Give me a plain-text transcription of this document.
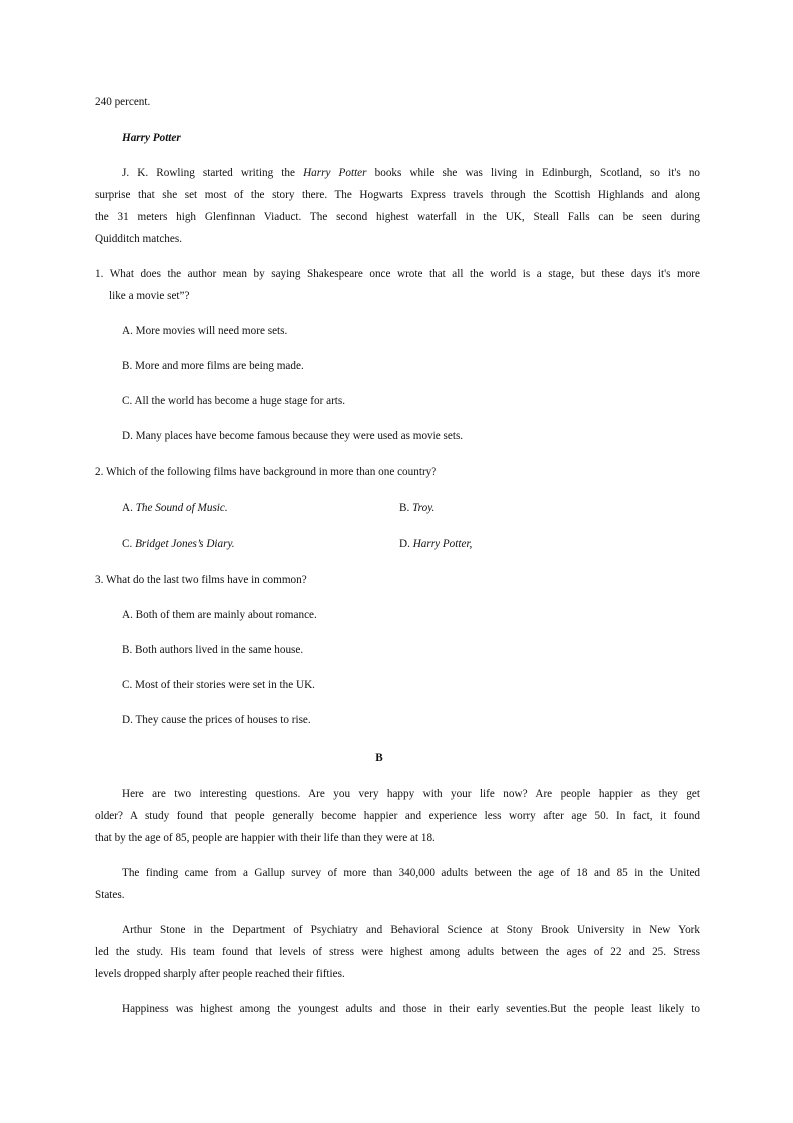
240 percent.
Harry Potter
J. K. Rowling started writing the Harry Potter books while she was living in Edinburgh, Scotland, so it's no
surprise that she set most of the story there. The Hogwarts Express travels through the Scottish Highlands and along
the 31 meters high Glenfinnan Viaduct. The second highest waterfall in the UK, Steall Falls can be seen during
Quidditch matches.
1. What does the author mean by saying Shakespeare once wrote that all the world is a stage, but these days it's more
like a movie set”?
A. More movies will need more sets.
B. More and more films are being made.
C. All the world has become a huge stage for arts.
D. Many places have become famous because they were used as movie sets.
2. Which of the following films have background in more than one country?
A. The Sound of Music.	B. Troy.
C. Bridget Jones’s Diary.	D. Harry Potter,
3. What do the last two films have in common?
A. Both of them are mainly about romance.
B. Both authors lived in the same house.
C. Most of their stories were set in the UK.
D. They cause the prices of houses to rise.
B
Here are two interesting questions. Are you very happy with your life now? Are people happier as they get
older? A study found that people generally become happier and experience less worry after age 50. In fact, it found
that by the age of 85, people are happier with their life than they were at 18.
The finding came from a Gallup survey of more than 340,000 adults between the age of 18 and 85 in the United
States.
Arthur Stone in the Department of Psychiatry and Behavioral Science at Stony Brook University in New York
led the study. His team found that levels of stress were highest among adults between the ages of 22 and 25. Stress
levels dropped sharply after people reached their fifties.
Happiness was highest among the youngest adults and those in their early seventies.But the people least likely to
